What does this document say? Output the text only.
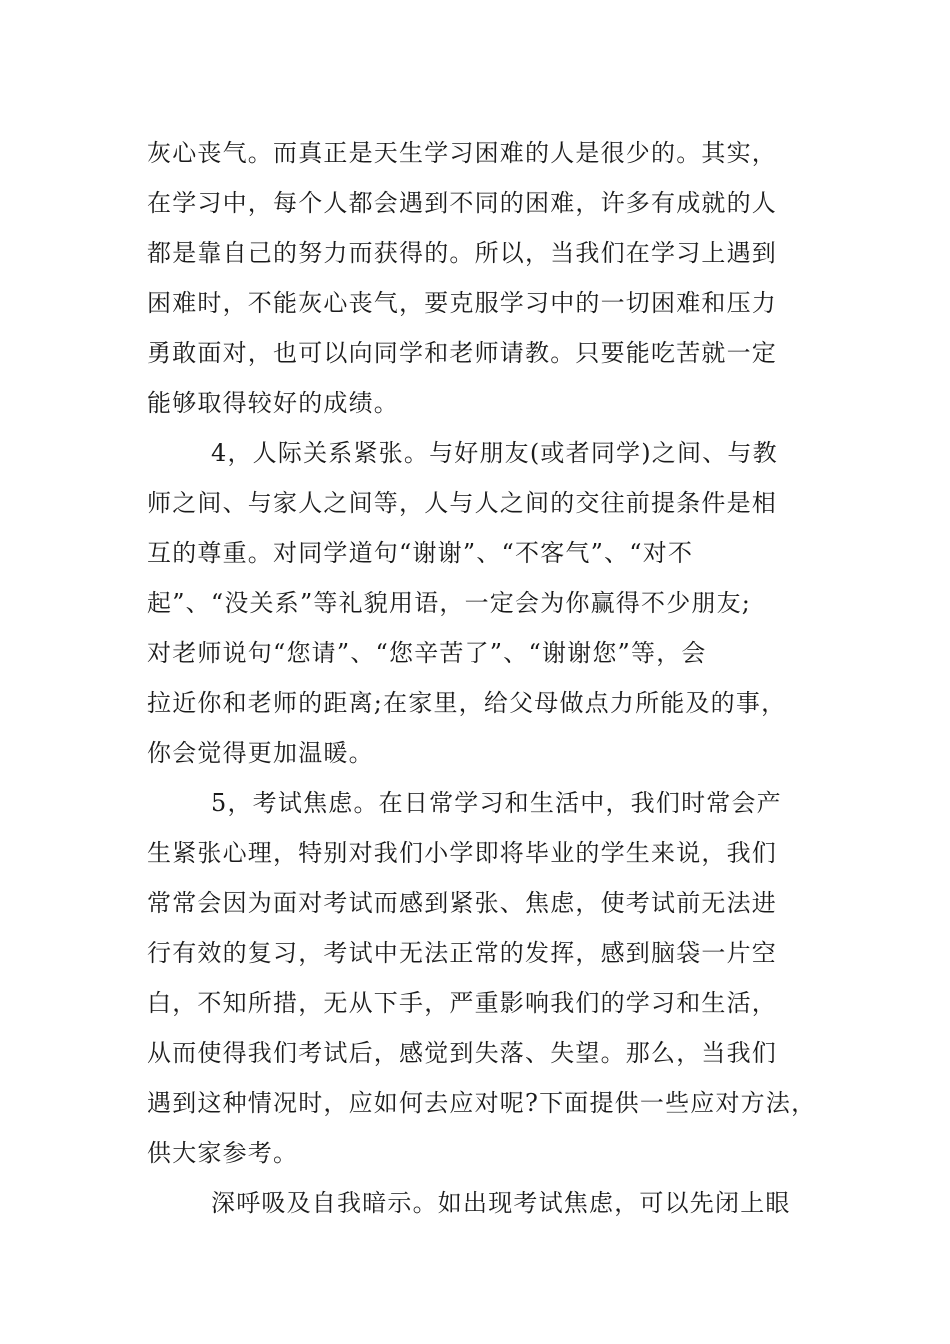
灰心丧气。而真正是天生学习困难的人是很少的。其实，
在学习中，每个人都会遇到不同的困难，许多有成就的人
都是靠自己的努力而获得的。所以，当我们在学习上遇到
困难时，不能灰心丧气，要克服学习中的一切困难和压力
勇敢面对，也可以向同学和老师请教。只要能吃苦就一定
能够取得较好的成绩。
4，人际关系紧张。与好朋友(或者同学)之间、与教
师之间、与家人之间等，人与人之间的交往前提条件是相
互的尊重。对同学道句“谢谢”、“不客气”、“对不
起”、“没关系”等礼貌用语，一定会为你赢得不少朋友;
对老师说句“您请”、“您辛苦了”、“谢谢您”等，会
拉近你和老师的距离;在家里，给父母做点力所能及的事，
你会觉得更加温暖。
5，考试焦虑。在日常学习和生活中，我们时常会产
生紧张心理，特别对我们小学即将毕业的学生来说，我们
常常会因为面对考试而感到紧张、焦虑，使考试前无法进
行有效的复习，考试中无法正常的发挥，感到脑袋一片空
白，不知所措，无从下手，严重影响我们的学习和生活，
从而使得我们考试后，感觉到失落、失望。那么，当我们
遇到这种情况时，应如何去应对呢?下面提供一些应对方法，
供大家参考。
深呼吸及自我暗示。如出现考试焦虑，可以先闭上眼
